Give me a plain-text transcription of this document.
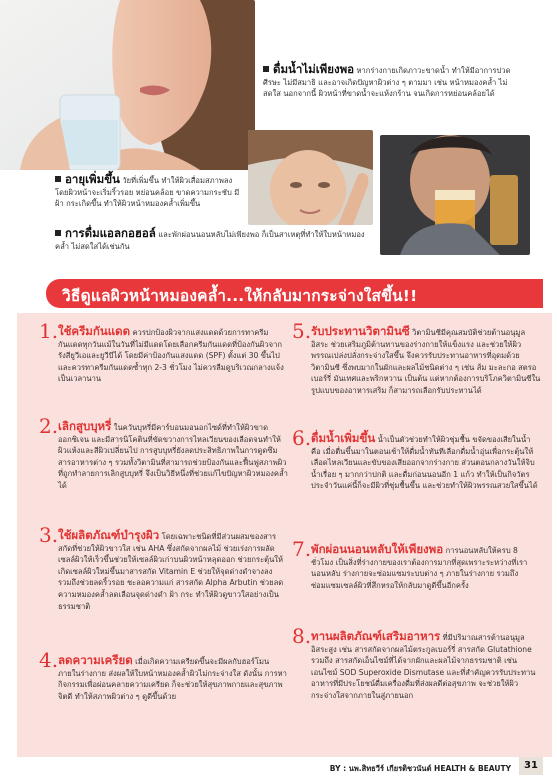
ดื่มน้ำไม่เพียงพอ หากร่างกายเกิดภาวะขาดน้ำ ทำให้มีอาการปวดศีรษะ ไม่มีสมาธิ และอาจเกิดปัญหาผิวต่าง ๆ ตามมา เช่น หน้าหมองคล้ำ ไม่สดใส นอกจากนี้ ผิวหน้าที่ขาดน้ำจะแห้งกร้าน จนเกิดการหย่อนคล้อยได้
อายุเพิ่มขึ้น วัยที่เพิ่มขึ้น ทำให้ผิวเสื่อมสภาพลง โดยผิวหน้าจะเริ่มริ้วรอย หย่อนคล้อย ขาดความกระชับ มีฝ้า กระเกิดขึ้น ทำให้ผิวหน้าหมองคล้ำเพิ่มขึ้น
การดื่มแอลกอฮอล์ และพักผ่อนนอนหลับไม่เพียงพอ ก็เป็นสาเหตุที่ทำให้ใบหน้าหมองคล้ำ ไม่สดใสได้เช่นกัน
วิธีดูแลผิวหน้าหมองคล้ำ...ให้กลับมากระจ่างใสขึ้น!!
1. ใช้ครีมกันแดด ควรปกป้องผิวจากแสงแดดด้วยการทาครีมกันแดดทุกวันแม้ในวันที่ไม่มีแดดโดยเลือกครีมกันแดดที่ป้องกันผิวจากรังสียูวีเอและยูวีบีได้ โดยมีค่าป้องกันแสงแดด (SPF) ตั้งแต่ 30 ขึ้นไป และควรทาครีมกันแดดซ้ำทุก 2-3 ชั่วโมง ไม่ควรลืมดูบริเวณกลางแจ้งเป็นเวลานาน
2. เลิกสูบบุหรี่ ในควันบุหรี่มีคาร์บอนมอนอกไซด์ที่ทำให้ผิวขาดออกซิเจน และมีสารนิโคตินที่ขัดขวางการไหลเวียนของเลือดจนทำให้ผิวแห้งและสีผิวเปลี่ยนไป การสูบบุหรี่ยังลดประสิทธิภาพในการดูดซึมสารอาหารต่าง ๆ รวมทั้งวิตามินที่สามารถช่วยป้องกันและฟื้นฟูสภาพผิวที่ถูกทำลายการเลิกสูบบุหรี่ จึงเป็นวิธีหนึ่งที่ช่วยแก้ไขปัญหาผิวหมองคล้ำได้
3. ใช้ผลิตภัณฑ์บำรุงผิว โดยเฉพาะชนิดที่มีส่วนผสมของสารสกัดที่ช่วยให้ผิวขาวใส เช่น AHA ซึ่งสกัดจากผลไม้ ช่วยเร่งการผลัดเซลล์ผิวให้เร็วขึ้นช่วยให้เซลล์ผิวเก่าบนผิวหน้าหลุดออก ช่วยกระตุ้นให้เกิดเซลล์ผิวใหม่ขึ้นมาสารสกัด Vitamin E ช่วยให้จุดด่างดำจางลง รวมถึงช่วยลดริ้วรอย ชะลอความแก่ สารสกัด Alpha Arbutin ช่วยลดความหมองคล้ำลดเลือนจุดด่างดำ ฝ้า กระ ทำให้ผิวดูขาวใสอย่างเป็นธรรมชาติ
4. ลดความเครียด เมื่อเกิดความเครียดขึ้นจะมีผลกับฮอร์โมนภายในร่างกาย ส่งผลให้ใบหน้าหมองคล้ำผิวไม่กระจ่างใส ดังนั้น การหากิจกรรมเพื่อผ่อนคลายความเครียด ก็จะช่วยให้สุขภาพกายและสุขภาพจิตดี ทำให้สภาพผิวต่าง ๆ ดูดีขึ้นด้วย
5. รับประทานวิตามินซี วิตามินซีมีคุณสมบัติช่วยต้านอนุมูลอิสระ ช่วยเสริมภูมิต้านทานของร่างกายให้แข็งแรง และช่วยให้ผิวพรรณเปล่งปลั่งกระจ่างใสขึ้น จึงควรรับประทานอาหารที่อุดมด้วยวิตามินซี ซึ่งพบมากในผักและผลไม้ชนิดต่าง ๆ เช่น ส้ม มะละกอ สตรอเบอร์รี่ มันเทศและพริกหวาน เป็นต้น แต่หากต้องการบริโภควิตามินซีในรูปแบบของอาหารเสริม ก็สามารถเลือกรับประทานได้
6. ดื่มน้ำเพิ่มขึ้น น้ำเป็นตัวช่วยทำให้ผิวชุ่มชื้น ขจัดของเสียในน้ำ คือ เมื่อตื่นขึ้นมาในตอนเช้าให้ดื่มน้ำทันทีเลือกดื่มน้ำอุ่นเพื่อกระตุ้นให้เลือดไหลเวียนและขับของเสียออกจากร่างกาย ส่วนตอนกลางวันให้จิบน้ำเรื่อย ๆ มากกว่าปกติ และดื่มก่อนนอนอีก 1 แก้ว ทำให้เป็นกิจวัตรประจำวันแค่นี้ก็จะมีผิวที่ชุ่มชื้นขึ้น และช่วยทำให้ผิวพรรณสวยใสขึ้นได้
7. พักผ่อนนอนหลับให้เพียงพอ การนอนหลับให้ครบ 8 ชั่วโมง เป็นสิ่งที่ร่างกายของเราต้องการมากที่สุดเพราะระหว่างที่เรานอนหลับ ร่างกายจะซ่อมแซมระบบต่าง ๆ ภายในร่างกาย รวมถึงซ่อมแซมเซลล์ผิวที่สึกหรอให้กลับมาดูดีขึ้นอีกครั้ง
8. ทานผลิตภัณฑ์เสริมอาหาร ที่มีปริมาณสารต้านอนุมูลอิสระสูง เช่น สารสกัดจากผลไม้ตระกูลเบอร์รี่ สารสกัด Glutathione รวมถึง สารสกัดเอ็นไซม์ที่ได้จากผักและผลไม้จากธรรมชาติ เช่น เอนไซม์ SOD Superoxide Dismutase และที่สำคัญควรรับประทานอาหารที่มีประโยชน์ดื่มเครื่องดื่มที่ส่งผลดีต่อสุขภาพ จะช่วยให้ผิวกระจ่างใสจากภายในสู่ภายนอก
BY : นพ.สิทธวีร์ เกียรติชวนันต์ HEALTH & BEAUTY	31
